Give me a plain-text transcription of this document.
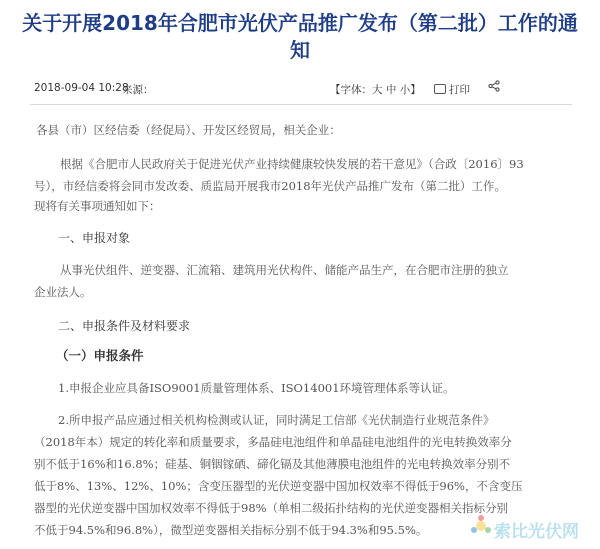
关于开展2018年合肥市光伏产品推广发布（第二批）工作的通知
2018-09-04 10:28
来源：	【字体：大 中 小】	打印

各县（市）区经信委（经促局）、开发区经贸局，相关企业：

根据《合肥市人民政府关于促进光伏产业持续健康较快发展的若干意见》（合政〔2016〕93

号），市经信委将会同市发改委、质监局开展我市2018年光伏产品推广发布（第二批）工作。

现将有关事项通知如下：

一、申报对象

从事光伏组件、逆变器、汇流箱、建筑用光伏构件、储能产品生产，在合肥市注册的独立

企业法人。

二、申报条件及材料要求

（一）申报条件

1.申报企业应具备ISO9001质量管理体系、ISO14001环境管理体系等认证。

2.所申报产品应通过相关机构检测或认证，同时满足工信部《光伏制造行业规范条件》

（2018年本）规定的转化率和质量要求，多晶硅电池组件和单晶硅电池组件的光电转换效率分

别不低于16%和16.8%；硅基、铜铟镓硒、碲化镉及其他薄膜电池组件的光电转换效率分别不

低于8%、13%、12%、10%；含变压器型的光伏逆变器中国加权效率不得低于96%，不含变压

器型的光伏逆变器中国加权效率不得低于98%（单相二级拓扑结构的光伏逆变器相关指标分别

不低于94.5%和96.8%），微型逆变器相关指标分别不低于94.3%和95.5%。	索比光伏网
